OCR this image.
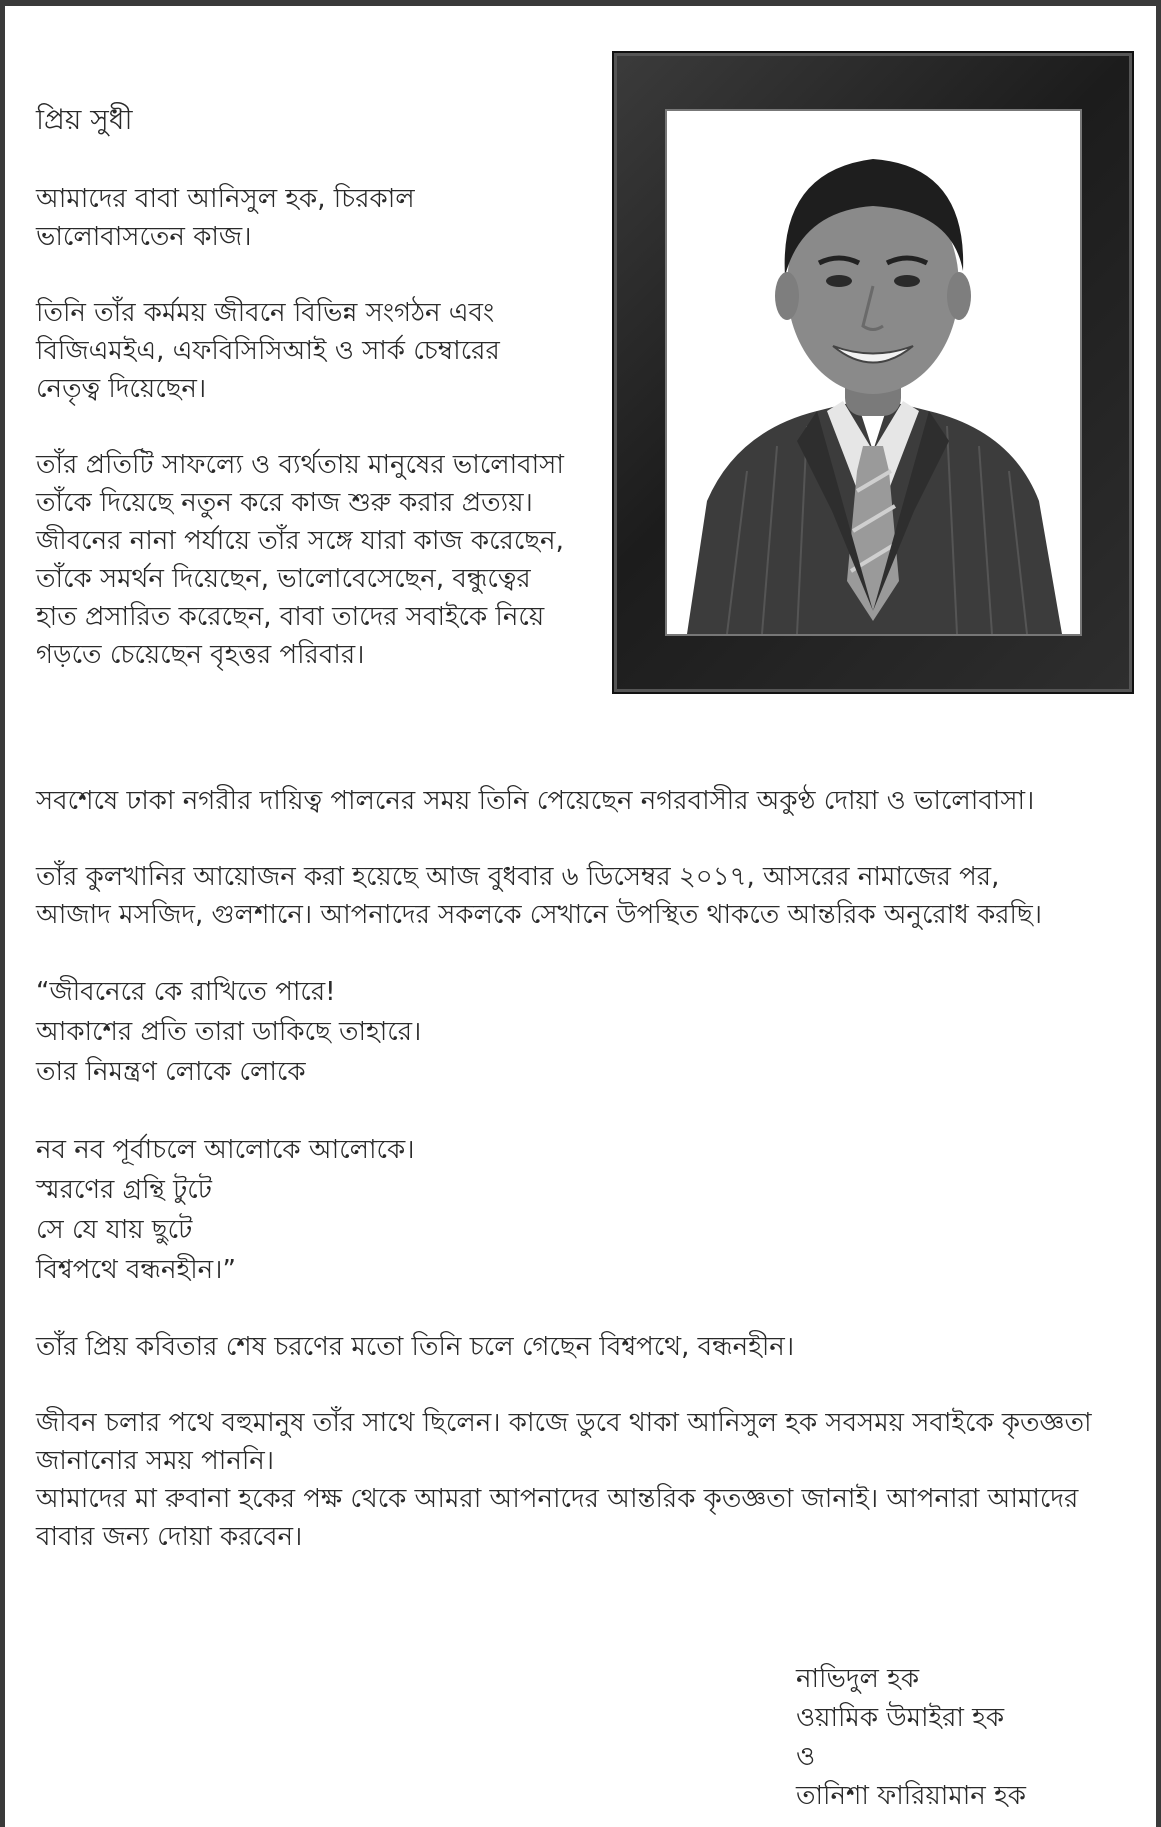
প্রিয় সুধী

আমাদের বাবা আনিসুল হক, চিরকাল
ভালোবাসতেন কাজ।

তিনি তাঁর কর্মময় জীবনে বিভিন্ন সংগঠন এবং
বিজিএমইএ, এফবিসিসিআই ও সার্ক চেম্বারের
নেতৃত্ব দিয়েছেন।

তাঁর প্রতিটি সাফল্যে ও ব্যর্থতায় মানুষের ভালোবাসা
তাঁকে দিয়েছে নতুন করে কাজ শুরু করার প্রত্যয়।
জীবনের নানা পর্যায়ে তাঁর সঙ্গে যারা কাজ করেছেন,
তাঁকে সমর্থন দিয়েছেন, ভালোবেসেছেন, বন্ধুত্বের
হাত প্রসারিত করেছেন, বাবা তাদের সবাইকে নিয়ে
গড়তে চেয়েছেন বৃহত্তর পরিবার।

সবশেষে ঢাকা নগরীর দায়িত্ব পালনের সময় তিনি পেয়েছেন নগরবাসীর অকুণ্ঠ দোয়া ও ভালোবাসা।

তাঁর কুলখানির আয়োজন করা হয়েছে আজ বুধবার ৬ ডিসেম্বর ২০১৭, আসরের নামাজের পর,
আজাদ মসজিদ, গুলশানে। আপনাদের সকলকে সেখানে উপস্থিত থাকতে আন্তরিক অনুরোধ করছি।

“জীবনেরে কে রাখিতে পারে!
আকাশের প্রতি তারা ডাকিছে তাহারে।
তার নিমন্ত্রণ লোকে লোকে
নব নব পূর্বাচলে আলোকে আলোকে।
স্মরণের গ্রন্থি টুটে
সে যে যায় ছুটে
বিশ্বপথে বন্ধনহীন।”

তাঁর প্রিয় কবিতার শেষ চরণের মতো তিনি চলে গেছেন বিশ্বপথে, বন্ধনহীন।

জীবন চলার পথে বহুমানুষ তাঁর সাথে ছিলেন। কাজে ডুবে থাকা আনিসুল হক সবসময় সবাইকে কৃতজ্ঞতা
জানানোর সময় পাননি।
আমাদের মা রুবানা হকের পক্ষ থেকে আমরা আপনাদের আন্তরিক কৃতজ্ঞতা জানাই। আপনারা আমাদের
বাবার জন্য দোয়া করবেন।

নাভিদুল হক
ওয়ামিক উমাইরা হক
ও
তানিশা ফারিয়ামান হক
